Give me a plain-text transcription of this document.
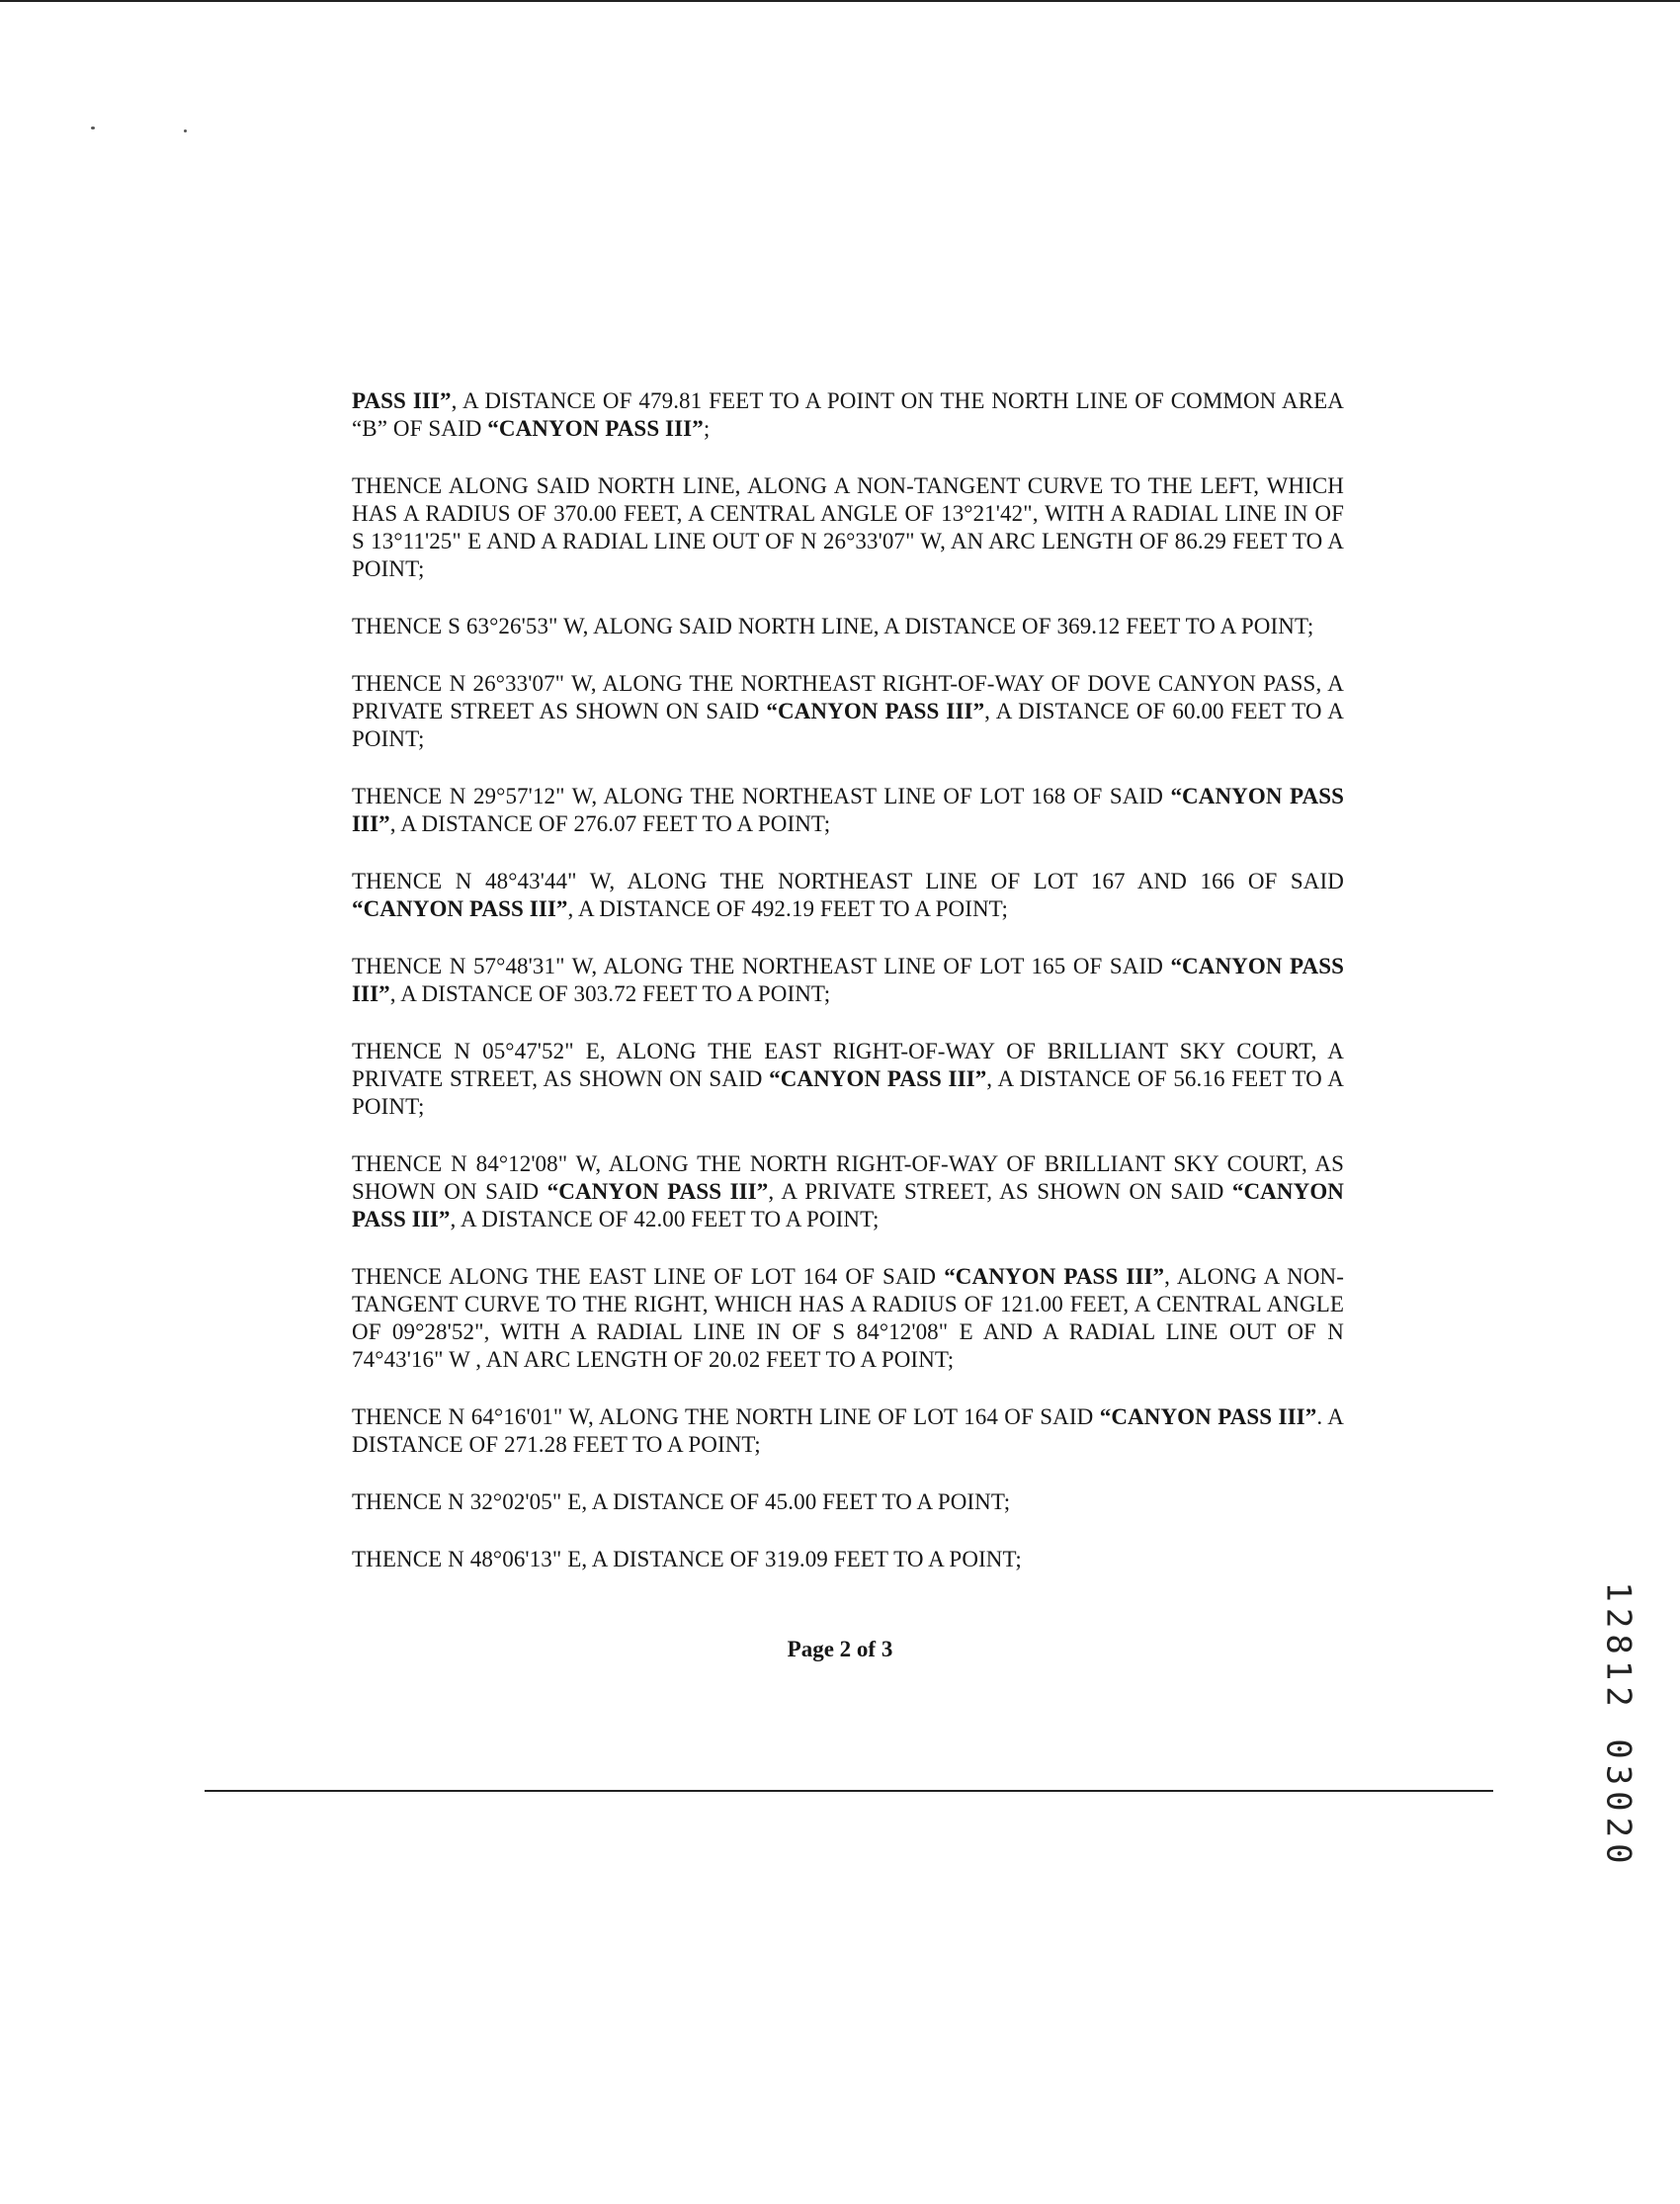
PASS III”, A DISTANCE OF 479.81 FEET TO A POINT ON THE NORTH LINE OF COMMON AREA “B” OF SAID “CANYON PASS III”;

THENCE ALONG SAID NORTH LINE, ALONG A NON-TANGENT CURVE TO THE LEFT, WHICH HAS A RADIUS OF 370.00 FEET, A CENTRAL ANGLE OF 13°21'42", WITH A RADIAL LINE IN OF S 13°11'25" E AND A RADIAL LINE OUT OF N 26°33'07" W, AN ARC LENGTH OF 86.29 FEET TO A POINT;

THENCE S 63°26'53" W, ALONG SAID NORTH LINE, A DISTANCE OF 369.12 FEET TO A POINT;

THENCE N 26°33'07" W, ALONG THE NORTHEAST RIGHT-OF-WAY OF DOVE CANYON PASS, A PRIVATE STREET AS SHOWN ON SAID “CANYON PASS III”, A DISTANCE OF 60.00 FEET TO A POINT;

THENCE N 29°57'12" W, ALONG THE NORTHEAST LINE OF LOT 168 OF SAID “CANYON PASS III”, A DISTANCE OF 276.07 FEET TO A POINT;

THENCE N 48°43'44" W, ALONG THE NORTHEAST LINE OF LOT 167 AND 166 OF SAID “CANYON PASS III”, A DISTANCE OF 492.19 FEET TO A POINT;

THENCE N 57°48'31" W, ALONG THE NORTHEAST LINE OF LOT 165 OF SAID “CANYON PASS III”, A DISTANCE OF 303.72 FEET TO A POINT;

THENCE N 05°47'52" E, ALONG THE EAST RIGHT-OF-WAY OF BRILLIANT SKY COURT, A PRIVATE STREET, AS SHOWN ON SAID “CANYON PASS III”, A DISTANCE OF 56.16 FEET TO A POINT;

THENCE N 84°12'08" W, ALONG THE NORTH RIGHT-OF-WAY OF BRILLIANT SKY COURT, AS SHOWN ON SAID “CANYON PASS III”, A PRIVATE STREET, AS SHOWN ON SAID “CANYON PASS III”, A DISTANCE OF 42.00 FEET TO A POINT;

THENCE ALONG THE EAST LINE OF LOT 164 OF SAID “CANYON PASS III”, ALONG A NON-TANGENT CURVE TO THE RIGHT, WHICH HAS A RADIUS OF 121.00 FEET, A CENTRAL ANGLE OF 09°28'52", WITH A RADIAL LINE IN OF S 84°12'08" E AND A RADIAL LINE OUT OF N 74°43'16" W , AN ARC LENGTH OF 20.02 FEET TO A POINT;

THENCE N 64°16'01" W, ALONG THE NORTH LINE OF LOT 164 OF SAID “CANYON PASS III”. A DISTANCE OF 271.28 FEET TO A POINT;

THENCE N 32°02'05" E, A DISTANCE OF 45.00 FEET TO A POINT;

THENCE N 48°06'13" E, A DISTANCE OF 319.09 FEET TO A POINT;

Page 2 of 3	12812 03020
